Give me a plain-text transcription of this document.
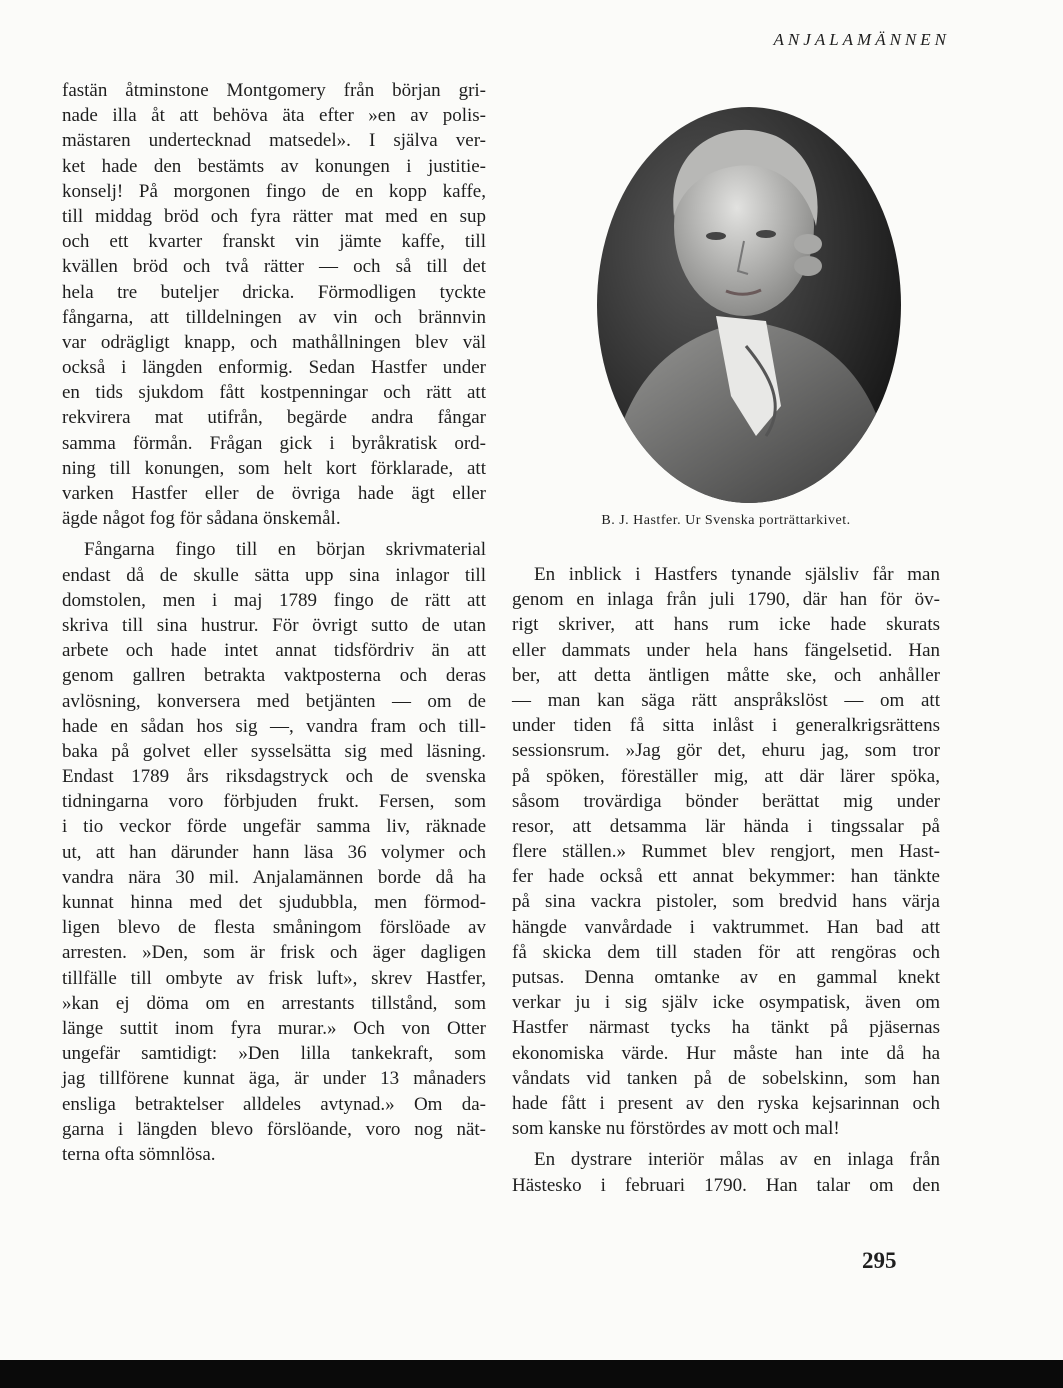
ANJALAMÄNNEN
fastän åtminstone Montgomery från början gri-
nade illa åt att behöva äta efter »en av polis-
mästaren undertecknad matsedel». I själva ver-
ket hade den bestämts av konungen i justitie-
konselj! På morgonen fingo de en kopp kaffe,
till middag bröd och fyra rätter mat med en sup
och ett kvarter franskt vin jämte kaffe, till
kvällen bröd och två rätter — och så till det
hela tre buteljer dricka. Förmodligen tyckte
fångarna, att tilldelningen av vin och brännvin
var odrägligt knapp, och mathållningen blev väl
också i längden enformig. Sedan Hastfer under
en tids sjukdom fått kostpenningar och rätt att
rekvirera mat utifrån, begärde andra fångar
samma förmån. Frågan gick i byråkratisk ord-
ning till konungen, som helt kort förklarade, att
varken Hastfer eller de övriga hade ägt eller
ägde något fog för sådana önskemål.
Fångarna fingo till en början skrivmaterial
endast då de skulle sätta upp sina inlagor till
domstolen, men i maj 1789 fingo de rätt att
skriva till sina hustrur. För övrigt sutto de utan
arbete och hade intet annat tidsfördriv än att
genom gallren betrakta vaktposterna och deras
avlösning, konversera med betjänten — om de
hade en sådan hos sig —, vandra fram och till-
baka på golvet eller sysselsätta sig med läsning.
Endast 1789 års riksdagstryck och de svenska
tidningarna voro förbjuden frukt. Fersen, som
i tio veckor förde ungefär samma liv, räknade
ut, att han därunder hann läsa 36 volymer och
vandra nära 30 mil. Anjalamännen borde då ha
kunnat hinna med det sjudubbla, men förmod-
ligen blevo de flesta småningom förslöade av
arresten. »Den, som är frisk och äger dagligen
tillfälle till ombyte av frisk luft», skrev Hastfer,
»kan ej döma om en arrestants tillstånd, som
länge suttit inom fyra murar.» Och von Otter
ungefär samtidigt: »Den lilla tankekraft, som
jag tillförene kunnat äga, är under 13 månaders
ensliga betraktelser alldeles avtynad.» Om da-
garna i längden blevo förslöande, voro nog nät-
terna ofta sömnlösa.
B. J. Hastfer. Ur Svenska porträttarkivet.
En inblick i Hastfers tynande själsliv får man
genom en inlaga från juli 1790, där han för öv-
rigt skriver, att hans rum icke hade skurats
eller dammats under hela hans fängelsetid. Han
ber, att detta äntligen måtte ske, och anhåller
— man kan säga rätt anspråkslöst — om att
under tiden få sitta inlåst i generalkrigsrättens
sessionsrum. »Jag gör det, ehuru jag, som tror
på spöken, föreställer mig, att där lärer spöka,
såsom trovärdiga bönder berättat mig under
resor, att detsamma lär hända i tingssalar på
flere ställen.» Rummet blev rengjort, men Hast-
fer hade också ett annat bekymmer: han tänkte
på sina vackra pistoler, som bredvid hans värja
hängde vanvårdade i vaktrummet. Han bad att
få skicka dem till staden för att rengöras och
putsas. Denna omtanke av en gammal knekt
verkar ju i sig själv icke osympatisk, även om
Hastfer närmast tycks ha tänkt på pjäsernas
ekonomiska värde. Hur måste han inte då ha
våndats vid tanken på de sobelskinn, som han
hade fått i present av den ryska kejsarinnan och
som kanske nu förstördes av mott och mal!
En dystrare interiör målas av en inlaga från
Hästesko i februari 1790. Han talar om den
295
